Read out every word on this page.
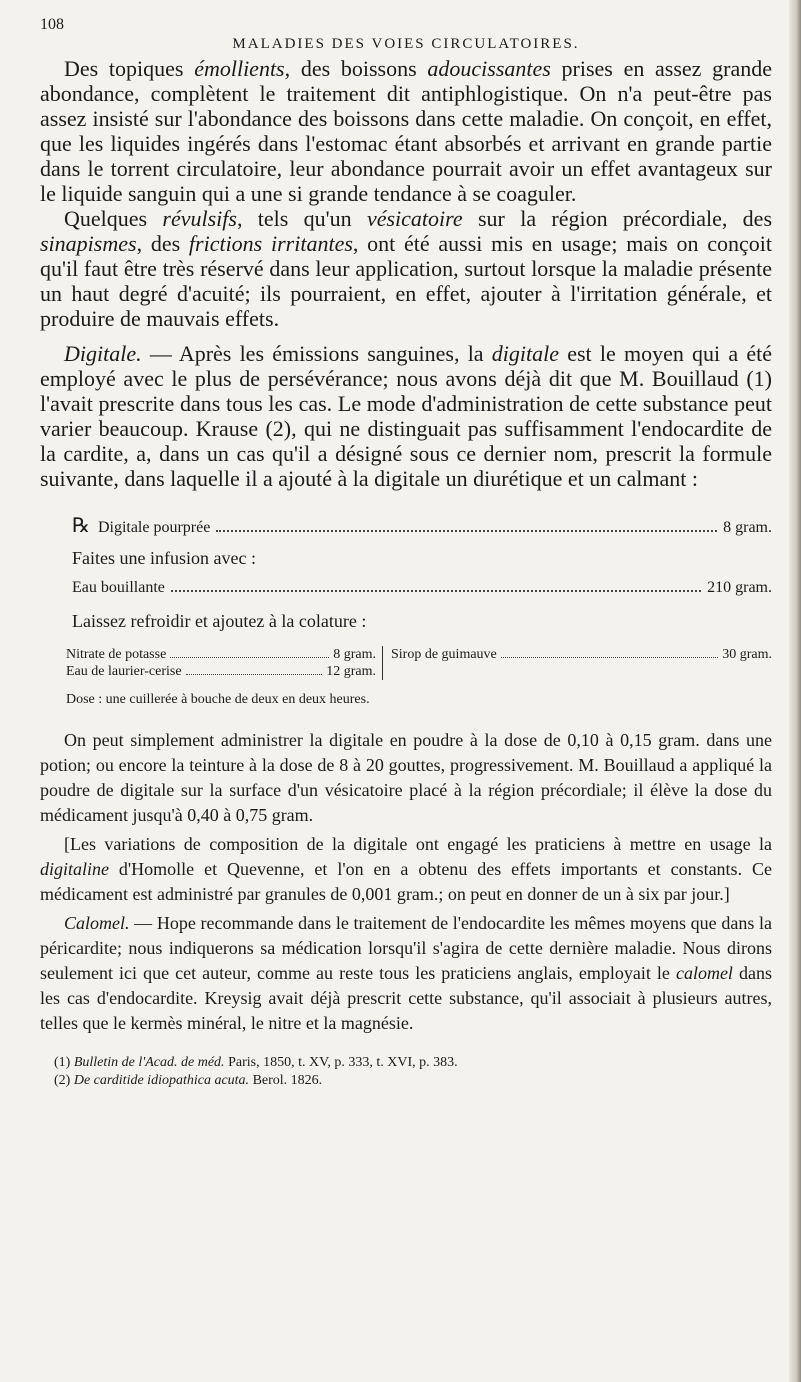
108
MALADIES DES VOIES CIRCULATOIRES.

Des topiques émollients, des boissons adoucissantes prises en assez grande abondance, complètent le traitement dit antiphlogistique. On n'a peut-être pas assez insisté sur l'abondance des boissons dans cette maladie. On conçoit, en effet, que les liquides ingérés dans l'estomac étant absorbés et arrivant en grande partie dans le torrent circulatoire, leur abondance pourrait avoir un effet avantageux sur le liquide sanguin qui a une si grande tendance à se coaguler.

Quelques révulsifs, tels qu'un vésicatoire sur la région précordiale, des sinapismes, des frictions irritantes, ont été aussi mis en usage; mais on conçoit qu'il faut être très réservé dans leur application, surtout lorsque la maladie présente un haut degré d'acuité; ils pourraient, en effet, ajouter à l'irritation générale, et produire de mauvais effets.

Digitale. — Après les émissions sanguines, la digitale est le moyen qui a été employé avec le plus de persévérance; nous avons déjà dit que M. Bouillaud (1) l'avait prescrite dans tous les cas. Le mode d'administration de cette substance peut varier beaucoup. Krause (2), qui ne distinguait pas suffisamment l'endocardite de la cardite, a, dans un cas qu'il a désigné sous ce dernier nom, prescrit la formule suivante, dans laquelle il a ajouté à la digitale un diurétique et un calmant :

℞ Digitale pourprée	8 gram.

Faites une infusion avec :

Eau bouillante	210 gram.

Laissez refroidir et ajoutez à la colature :

Nitrate de potasse	8 gram.
Eau de laurier-cerise	12 gram.
Sirop de guimauve	30 gram.

Dose : une cuillerée à bouche de deux en deux heures.

On peut simplement administrer la digitale en poudre à la dose de 0,10 à 0,15 gram. dans une potion; ou encore la teinture à la dose de 8 à 20 gouttes, progressivement. M. Bouillaud a appliqué la poudre de digitale sur la surface d'un vésicatoire placé à la région précordiale; il élève la dose du médicament jusqu'à 0,40 à 0,75 gram.

[Les variations de composition de la digitale ont engagé les praticiens à mettre en usage la digitaline d'Homolle et Quevenne, et l'on en a obtenu des effets importants et constants. Ce médicament est administré par granules de 0,001 gram.; on peut en donner de un à six par jour.]

Calomel. — Hope recommande dans le traitement de l'endocardite les mêmes moyens que dans la péricardite; nous indiquerons sa médication lorsqu'il s'agira de cette dernière maladie. Nous dirons seulement ici que cet auteur, comme au reste tous les praticiens anglais, employait le calomel dans les cas d'endocardite. Kreysig avait déjà prescrit cette substance, qu'il associait à plusieurs autres, telles que le kermès minéral, le nitre et la magnésie.

(1) Bulletin de l'Acad. de méd. Paris, 1850, t. XV, p. 333, t. XVI, p. 383.
(2) De carditide idiopathica acuta. Berol. 1826.
